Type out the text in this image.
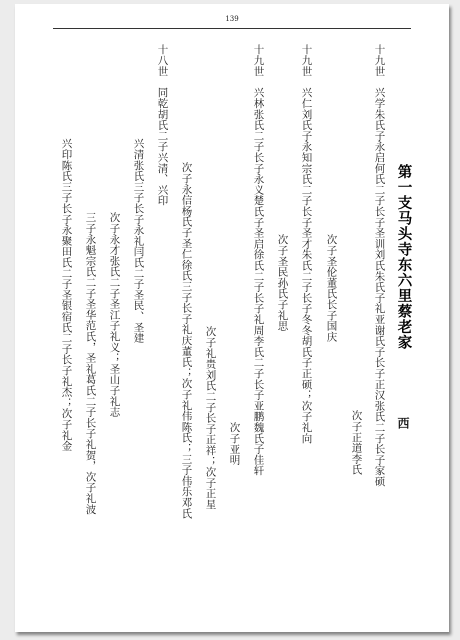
139
第一支马头寺东六里蔡老家
西
十九世
兴学朱氏子永启何氏二子长子圣训刘氏朱氏子礼亚谢氏子长子正汉张氏二子长子家硕
次子正道李氏
十九世
兴仁刘氏子永知宗氏二子长子圣才朱氏二子长子冬冬胡氏子正硕；次子礼向 次子圣伦董氏长子国庆
次子圣民孙氏子礼思
十九世
兴林张氏二子长子永义楚氏子圣启徐氏二子长子礼周李氏二子长子亚鹏魏氏子佳轩
次子亚明
次子礼贵刘氏二子长子正祥；次子正星
次子永信杨氏子圣仁徐氏三子长子礼庆董氏；次子礼伟陈氏；三子伟乐邓氏
十八世
同乾胡氏二子兴清、兴印
兴清张氏三子长子永礼闫氏二子圣民、圣建
次子永才张氏二子圣江子礼义；圣山子礼志
三子永魁宗氏二子圣华范氏，圣礼葛氏二子长子礼贺，次子礼波
兴印陈氏三子长子永聚田氏二子圣银宿氏二子长子礼杰；次子礼金
